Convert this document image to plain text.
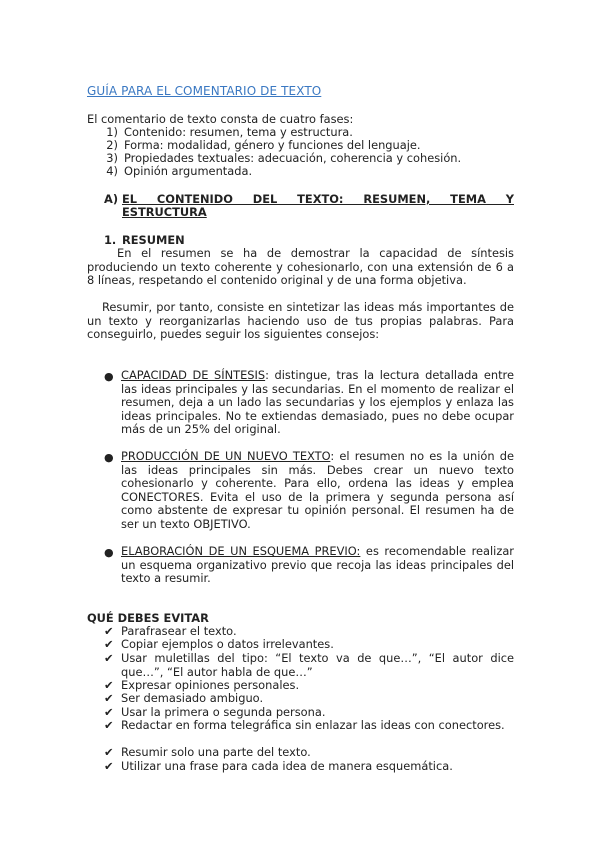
GUÍA PARA EL COMENTARIO DE TEXTO
El comentario de texto consta de cuatro fases:
1) Contenido: resumen, tema y estructura.
2) Forma: modalidad, género y funciones del lenguaje.
3) Propiedades textuales: adecuación, coherencia y cohesión.
4) Opinión argumentada.
A) EL CONTENIDO DEL TEXTO: RESUMEN, TEMA Y
ESTRUCTURA
1. RESUMEN
En el resumen se ha de demostrar la capacidad de síntesis produciendo un texto coherente y cohesionarlo, con una extensión de 6 a 8 líneas, respetando el contenido original y de una forma objetiva.
Resumir, por tanto, consiste en sintetizar las ideas más importantes de un texto y reorganizarlas haciendo uso de tus propias palabras. Para conseguirlo, puedes seguir los siguientes consejos:
● CAPACIDAD DE SÍNTESIS: distingue, tras la lectura detallada entre las ideas principales y las secundarias. En el momento de realizar el resumen, deja a un lado las secundarias y los ejemplos y enlaza las ideas principales. No te extiendas demasiado, pues no debe ocupar más de un 25% del original.
● PRODUCCIÓN DE UN NUEVO TEXTO: el resumen no es la unión de las ideas principales sin más. Debes crear un nuevo texto cohesionarlo y coherente. Para ello, ordena las ideas y emplea CONECTORES. Evita el uso de la primera y segunda persona así como abstente de expresar tu opinión personal. El resumen ha de ser un texto OBJETIVO.
● ELABORACIÓN DE UN ESQUEMA PREVIO: es recomendable realizar un esquema organizativo previo que recoja las ideas principales del texto a resumir.
QUÉ DEBES EVITAR
✔ Parafrasear el texto.
✔ Copiar ejemplos o datos irrelevantes.
✔ Usar muletillas del tipo: “El texto va de que…”, “El autor dice que…”, “El autor habla de que…”
✔ Expresar opiniones personales.
✔ Ser demasiado ambiguo.
✔ Usar la primera o segunda persona.
✔ Redactar en forma telegráfica sin enlazar las ideas con conectores.
✔ Resumir solo una parte del texto.
✔ Utilizar una frase para cada idea de manera esquemática.
